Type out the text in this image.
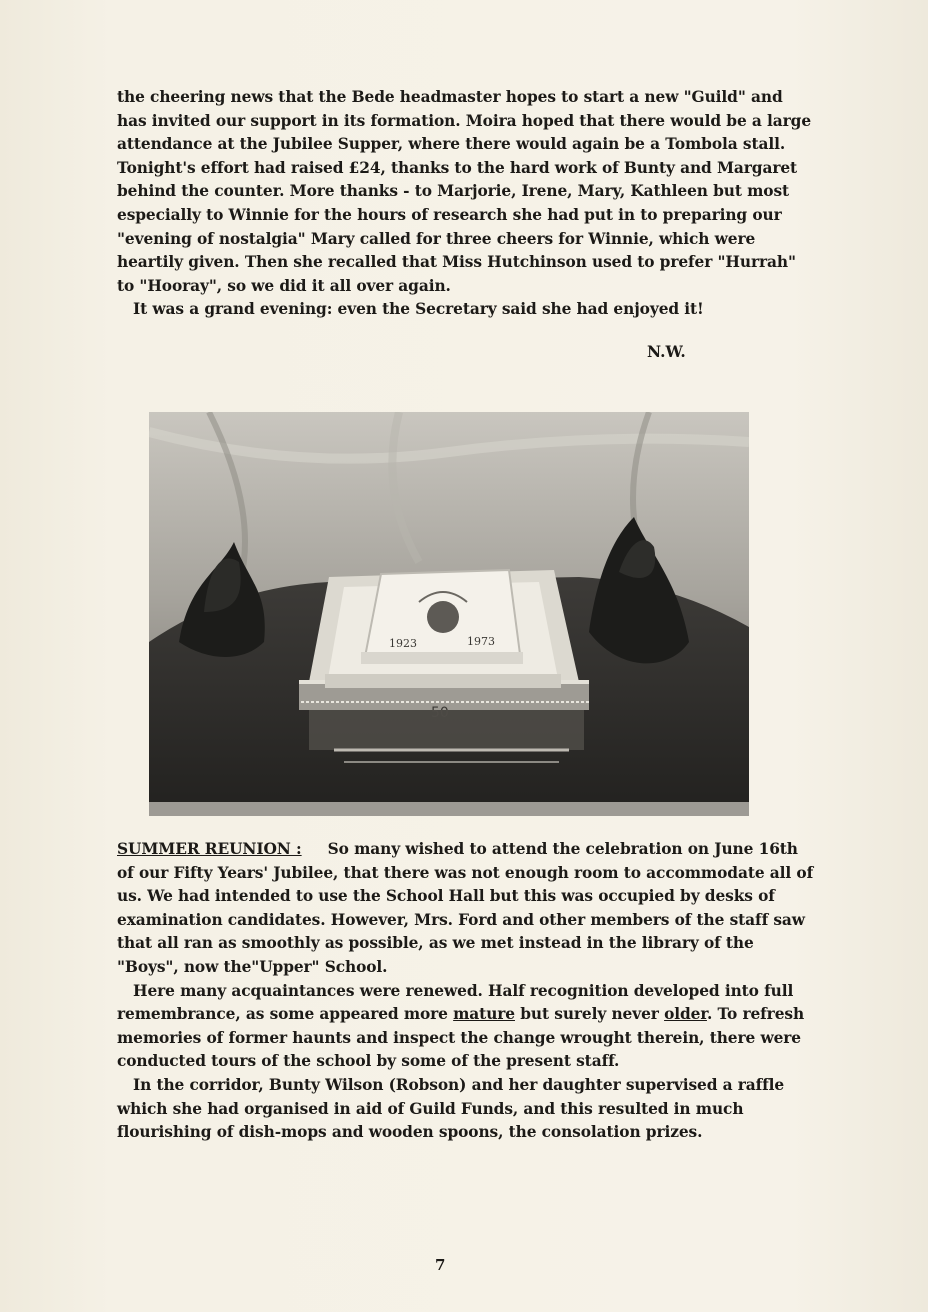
the cheering news that the Bede headmaster hopes to start a new "Guild" and has invited our support in its formation. Moira hoped that there would be a large attendance at the Jubilee Supper, where there would again be a Tombola stall. Tonight's effort had raised £24, thanks to the hard work of Bunty and Margaret behind the counter. More thanks - to Marjorie, Irene, Mary, Kathleen but most especially to Winnie for the hours of research she had put in to preparing our "evening of nostalgia" Mary called for three cheers for Winnie, which were heartily given. Then she recalled that Miss Hutchinson used to prefer "Hurrah" to "Hooray", so we did it all over again.

It was a grand evening: even the Secretary said she had enjoyed it!

N.W.
1923	1973

SUMMER REUNION : So many wished to attend the celebration on June 16th of our Fifty Years' Jubilee, that there was not enough room to accommodate all of us. We had intended to use the School Hall but this was occupied by desks of examination candidates. However, Mrs. Ford and other members of the staff saw that all ran as smoothly as possible, as we met instead in the library of the "Boys", now the"Upper" School.

Here many acquaintances were renewed. Half recognition developed into full remembrance, as some appeared more mature but surely never older. To refresh memories of former haunts and inspect the change wrought therein, there were conducted tours of the school by some of the present staff.

In the corridor, Bunty Wilson (Robson) and her daughter supervised a raffle which she had organised in aid of Guild Funds, and this resulted in much flourishing of dish-mops and wooden spoons, the consolation prizes.

7
